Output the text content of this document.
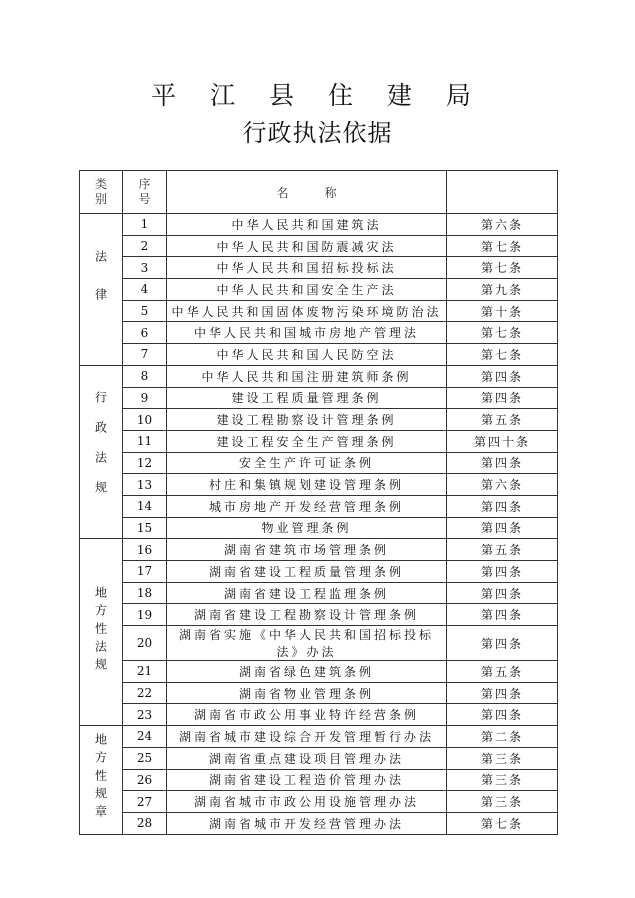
平 江 县 住 建 局
行政执法依据
类别	序号	名　　　称	
法律	1	中华人民共和国建筑法	第六条
	2	中华人民共和国防震减灾法	第七条
	3	中华人民共和国招标投标法	第七条
	4	中华人民共和国安全生产法	第九条
	5	中华人民共和国固体废物污染环境防治法	第十条
	6	中华人民共和国城市房地产管理法	第七条
	7	中华人民共和国人民防空法	第七条
行政法规	8	中华人民共和国注册建筑师条例	第四条
	9	建设工程质量管理条例	第四条
	10	建设工程勘察设计管理条例	第五条
	11	建设工程安全生产管理条例	第四十条
	12	安全生产许可证条例	第四条
	13	村庄和集镇规划建设管理条例	第六条
	14	城市房地产开发经营管理条例	第四条
	15	物业管理条例	第四条
地方性法规	16	湖南省建筑市场管理条例	第五条
	17	湖南省建设工程质量管理条例	第四条
	18	湖南省建设工程监理条例	第四条
	19	湖南省建设工程勘察设计管理条例	第四条
	20	湖南省实施《中华人民共和国招标投标法》办法	第四条
	21	湖南省绿色建筑条例	第五条
	22	湖南省物业管理条例	第四条
	23	湖南省市政公用事业特许经营条例	第四条
地方性规章	24	湖南省城市建设综合开发管理暂行办法	第二条
	25	湖南省重点建设项目管理办法	第三条
	26	湖南省建设工程造价管理办法	第三条
	27	湖南省城市市政公用设施管理办法	第三条
	28	湖南省城市开发经营管理办法	第七条
